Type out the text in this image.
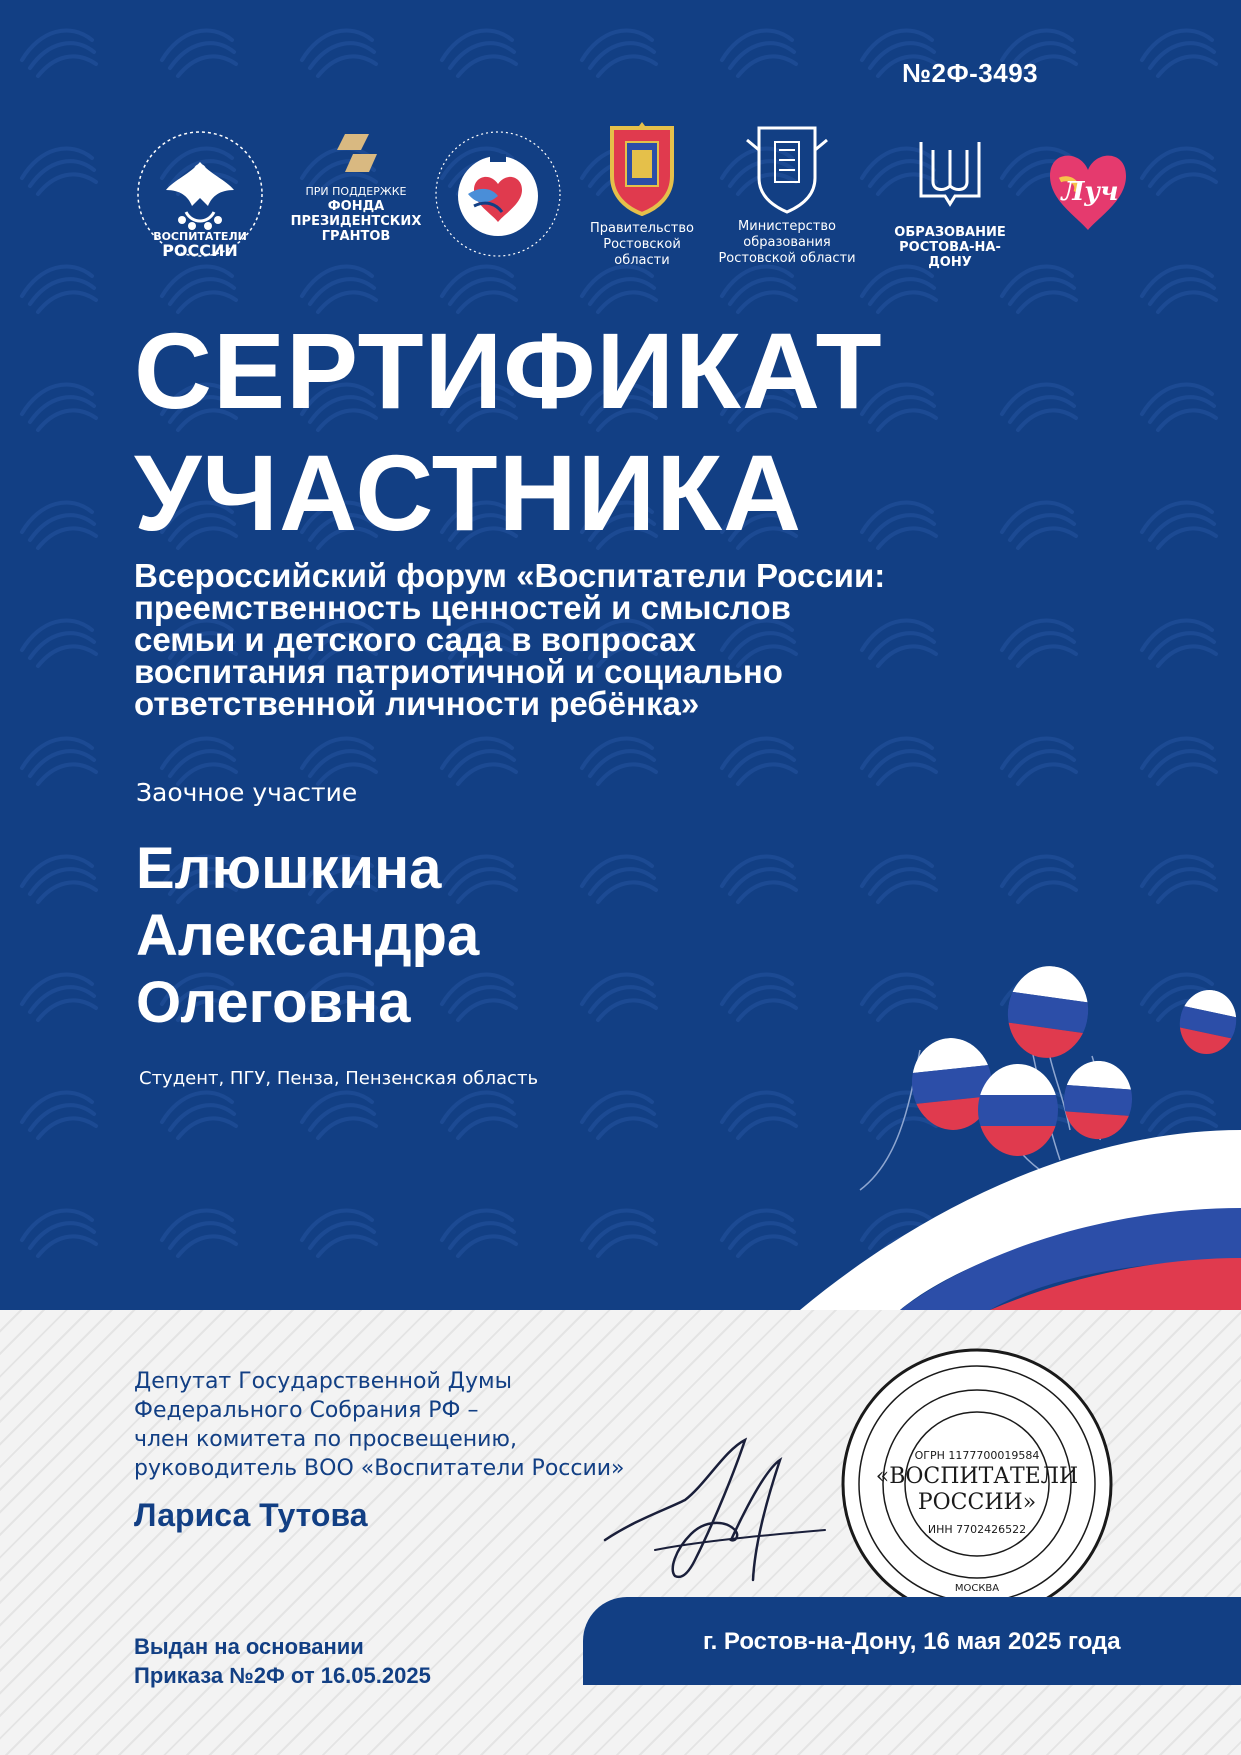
№2Ф-3493
ВОСПИТАТЕЛИ
РОССИИ
ПРИ ПОДДЕРЖКЕ
ФОНДА
ПРЕЗИДЕНТСКИХ
ГРАНТОВ
Правительство
Ростовской
области
Министерство
образования
Ростовской области
ОБРАЗОВАНИЕ
РОСТОВА-НА-ДОНУ
Луч
СЕРТИФИКАТ
УЧАСТНИКА
Всероссийский форум «Воспитатели России:
преемственность ценностей и смыслов
семьи и детского сада в вопросах
воспитания патриотичной и социально
ответственной личности ребёнка»
Заочное участие
Елюшкина
Александра
Олеговна
Студент, ПГУ, Пенза, Пензенская область
Депутат Государственной Думы
Федерального Собрания РФ –
член комитета по просвещению,
руководитель ВОО «Воспитатели России»
Лариса Тутова
ОГРН 1177700019584
«ВОСПИТАТЕЛИ
РОССИИ»
ИНН 7702426522
МОСКВА
Выдан на основании
Приказа №2Ф от 16.05.2025
г. Ростов-на-Дону, 16 мая 2025 года
